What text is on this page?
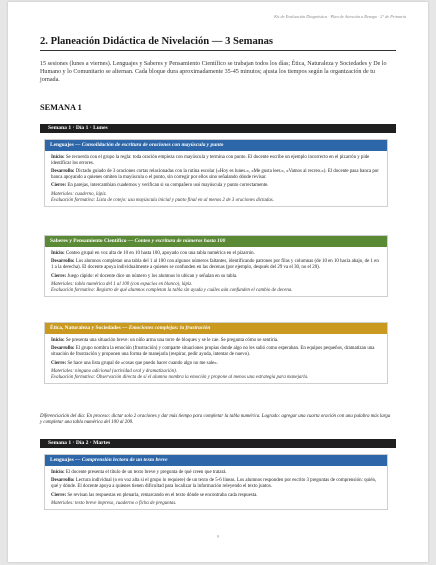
Kit de Evaluación Diagnóstica · Plan de Atención a Rezago · 2° de Primaria
2. Planeación Didáctica de Nivelación — 3 Semanas

15 sesiones (lunes a viernes). Lenguajes y Saberes y Pensamiento Científico se trabajan todos los días; Ética, Naturaleza y Sociedades y De lo Humano y lo Comunitario se alternan. Cada bloque dura aproximadamente 35-45 minutos; ajusta los tiempos según la organización de tu jornada.

SEMANA 1
Semana 1 · Día 1 · Lunes
Lenguajes — Consolidación de escritura de oraciones con mayúscula y punto

Inicio: Se recuerda con el grupo la regla: toda oración empieza con mayúscula y termina con punto. El docente escribe un ejemplo incorrecto en el pizarrón y pide identificar los errores.

Desarrollo: Dictado guiado de 3 oraciones cortas relacionadas con la rutina escolar («Hoy es lunes.», «Me gusta leer.», «Vamos al recreo.»). El docente pasa banca por banca apoyando a quienes omiten la mayúscula o el punto, sin corregir por ellos sino señalando dónde revisar.

Cierre: En parejas, intercambian cuadernos y verifican si su compañero usó mayúscula y punto correctamente.

Materiales: cuaderno, lápiz.

Evaluación formativa: Lista de cotejo: usa mayúscula inicial y punto final en al menos 2 de 3 oraciones dictadas.

Saberes y Pensamiento Científico — Conteo y escritura de números hasta 100

Inicio: Conteo grupal en voz alta de 10 en 10 hasta 100, apoyado con una tabla numérica en el pizarrón.

Desarrollo: Los alumnos completan una tabla del 1 al 100 con algunos números faltantes, identificando patrones por filas y columnas (de 10 en 10 hacia abajo, de 1 en 1 a la derecha). El docente apoya individualmente a quienes se confunden en las decenas (por ejemplo, después del 29 va el 30, no el 20).

Cierre: Juego rápido: el docente dice un número y los alumnos lo ubican y señalan en su tabla.

Materiales: tabla numérica del 1 al 100 (con espacios en blanco), lápiz.

Evaluación formativa: Registro de qué alumnos completan la tabla sin ayuda y cuáles aún confunden el cambio de decena.

Ética, Naturaleza y Sociedades — Emociones complejas: la frustración

Inicio: Se presenta una situación breve: un niño arma una torre de bloques y se le cae. Se pregunta cómo se sentiría.

Desarrollo: El grupo nombra la emoción (frustración) y comparte situaciones propias donde algo no les salió como esperaban. En equipos pequeños, dramatizan una situación de frustración y proponen una forma de manejarla (respirar, pedir ayuda, intentar de nuevo).

Cierre: Se hace una lista grupal de «cosas que puedo hacer cuando algo no me sale».

Materiales: ninguno adicional (actividad oral y dramatización).

Evaluación formativa: Observación directa de si el alumno nombra la emoción y propone al menos una estrategia para manejarla.

Diferenciación del día: En proceso: dictar solo 2 oraciones y dar más tiempo para completar la tabla numérica. Logrado: agregar una cuarta oración con una palabra más larga y completar una tabla numérica del 100 al 200.

Semana 1 · Día 2 · Martes
Lenguajes — Comprensión lectora de un texto breve

Inicio: El docente presenta el título de un texto breve y pregunta de qué creen que tratará.

Desarrollo: Lectura individual (o en voz alta si el grupo lo requiere) de un texto de 5-6 líneas. Los alumnos responden por escrito 3 preguntas de comprensión: quién, qué y dónde. El docente apoya a quienes tienen dificultad para localizar la información releyendo el texto juntos.

Cierre: Se revisan las respuestas en plenaria, remarcando en el texto dónde se encontraba cada respuesta.

Materiales: texto breve impreso, cuaderno o ficha de preguntas.

9
